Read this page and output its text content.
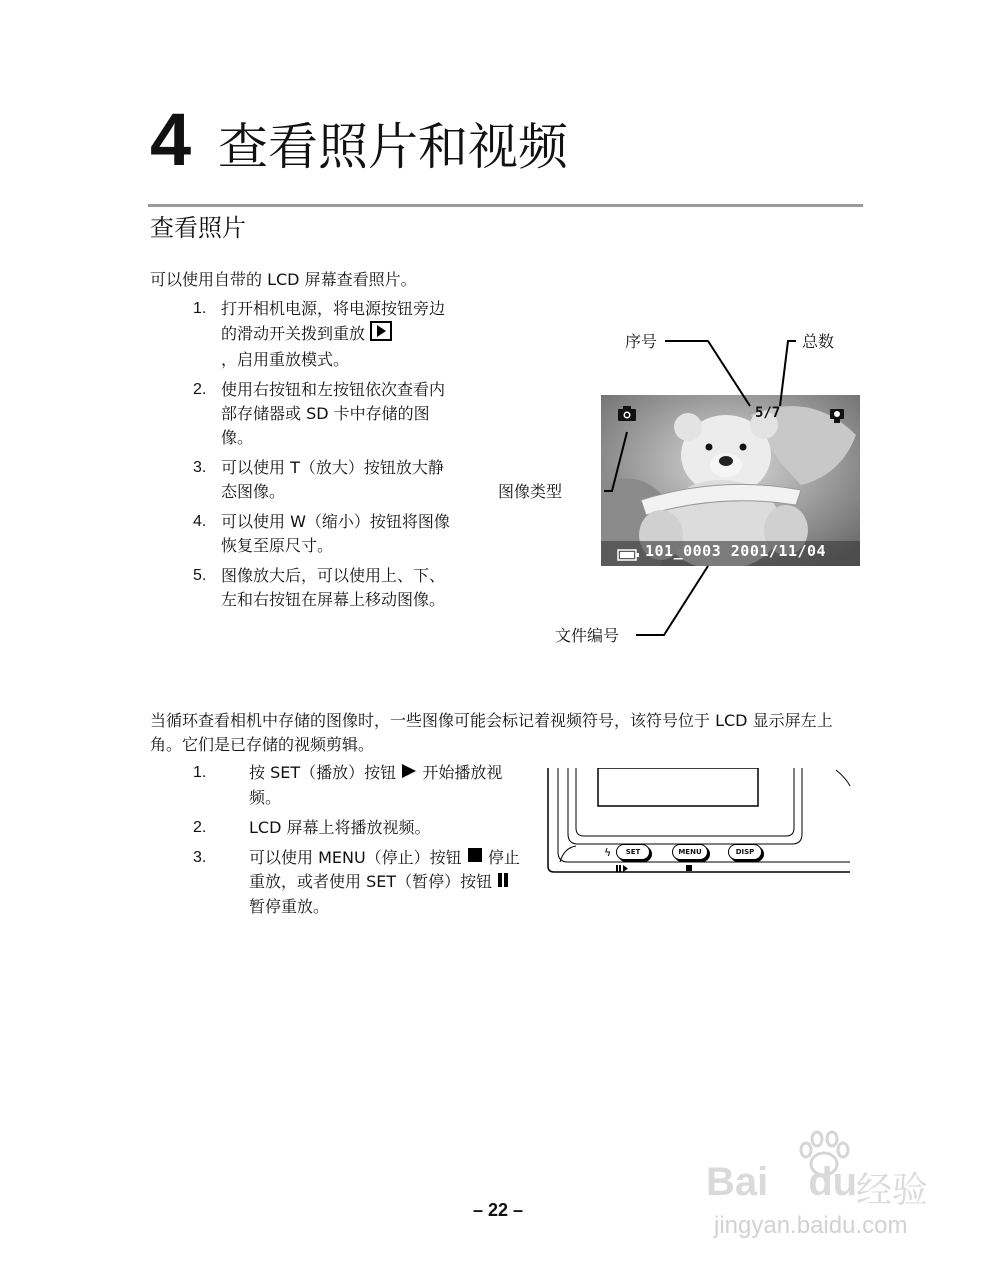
4 查看照片和视频
查看照片
可以使用自带的 LCD 屏幕查看照片。
1. 打开相机电源，将电源按钮旁边的滑动开关拨到重放
，启用重放模式。
2. 使用右按钮和左按钮依次查看内部存储器或 SD 卡中存储的图像。
3. 可以使用 T（放大）按钮放大静态图像。
4. 可以使用 W（缩小）按钮将图像恢复至原尺寸。
5. 图像放大后，可以使用上、下、左和右按钮在屏幕上移动图像。
5/7
101_0003 2001/11/04
序号	总数
图像类型
文件编号
当循环查看相机中存储的图像时，一些图像可能会标记着视频符号，该符号位于 LCD 显示屏左上角。它们是已存储的视频剪辑。
1.	按 SET（播放）按钮 开始播放视频。
2.	LCD 屏幕上将播放视频。
3.	可以使用 MENU（停止）按钮 停止重放，或者使用 SET（暂停）按钮  暂停重放。
ϟ	SET	MENU	DISP
– 22 –
Bai du
经验
jingyan.baidu.com
